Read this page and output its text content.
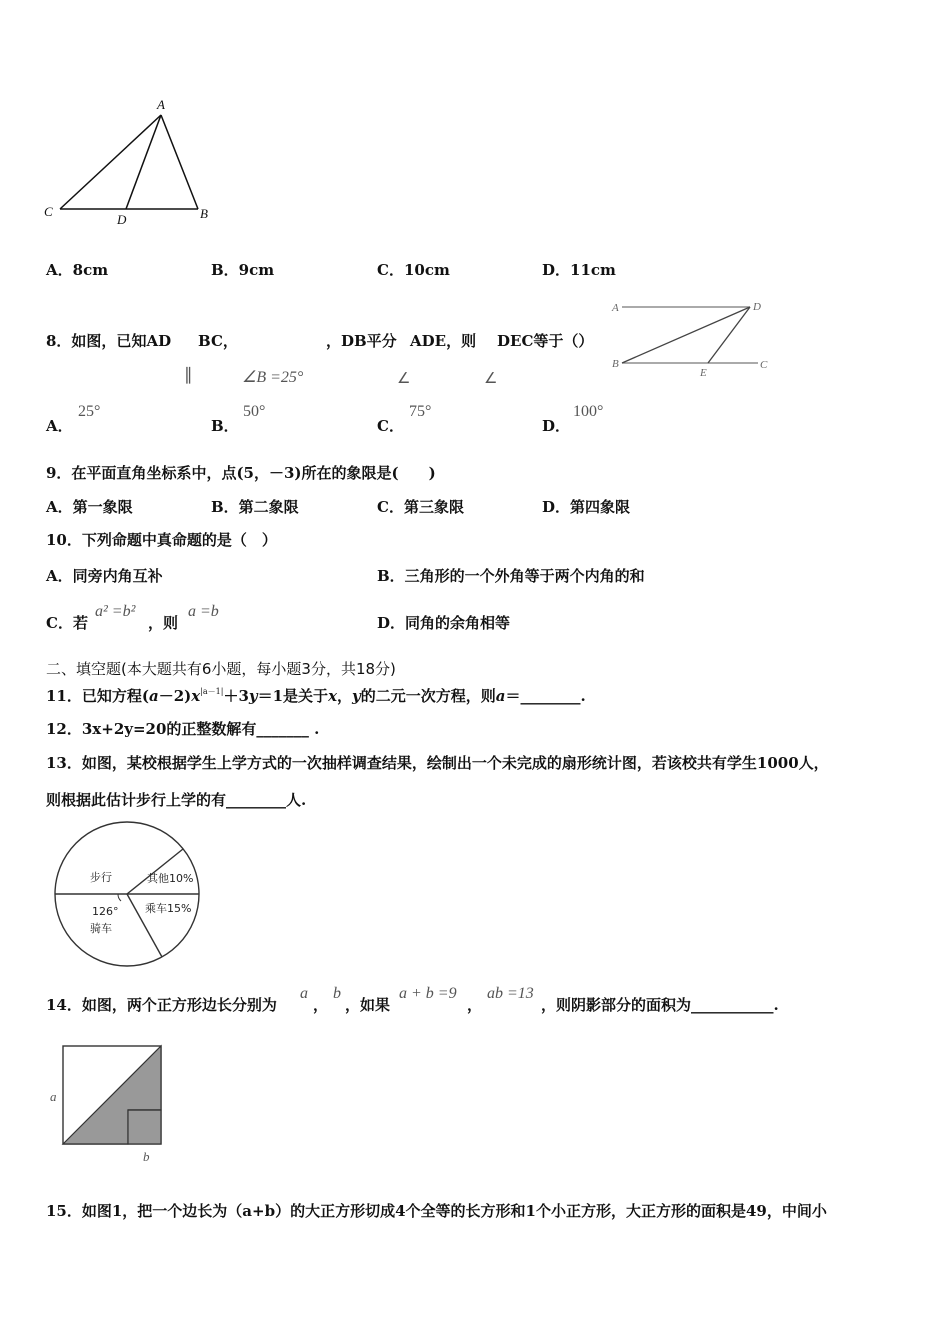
A
C
D	B
A．8cm	B．9cm	C．10cm	D．11cm
8．如图，已知AD BC，	，DB平分 ADE，则 DEC等于（）
∥	∠B =25°	∠	∠
A	D
B
E
C
A．
25°
B．
50°
C．
75°
D．
100°
9．在平面直角坐标系中，点(5，－3)所在的象限是(　　)
A．第一象限	B．第二象限	C．第三象限	D．第四象限
10．下列命题中真命题的是（　）
A．同旁内角互补	B．三角形的一个外角等于两个内角的和
C．若
a² =b²
，则
a =b
D．同角的余角相等
二、填空题(本大题共有6小题，每小题3分，共18分)
11．已知方程$(a-2)x^{|a-1|}+3y=1$是关于x，y的二元一次方程，则a＝________.
12．3x+2y=20的正整数解有_______ .
13．如图，某校根据学生上学方式的一次抽样调查结果，绘制出一个未完成的扇形统计图，若该校共有学生1000人，
则根据此估计步行上学的有________人.
步行	其他10%
乘车15%
126°
骑车
14．如图，两个正方形边长分别为
a
，
b
，如果
a + b =9
，
ab =13
，则阴影部分的面积为___________.
a
b
15．如图1，把一个边长为（a+b）的大正方形切成4个全等的长方形和1个小正方形，大正方形的面积是49，中间小
